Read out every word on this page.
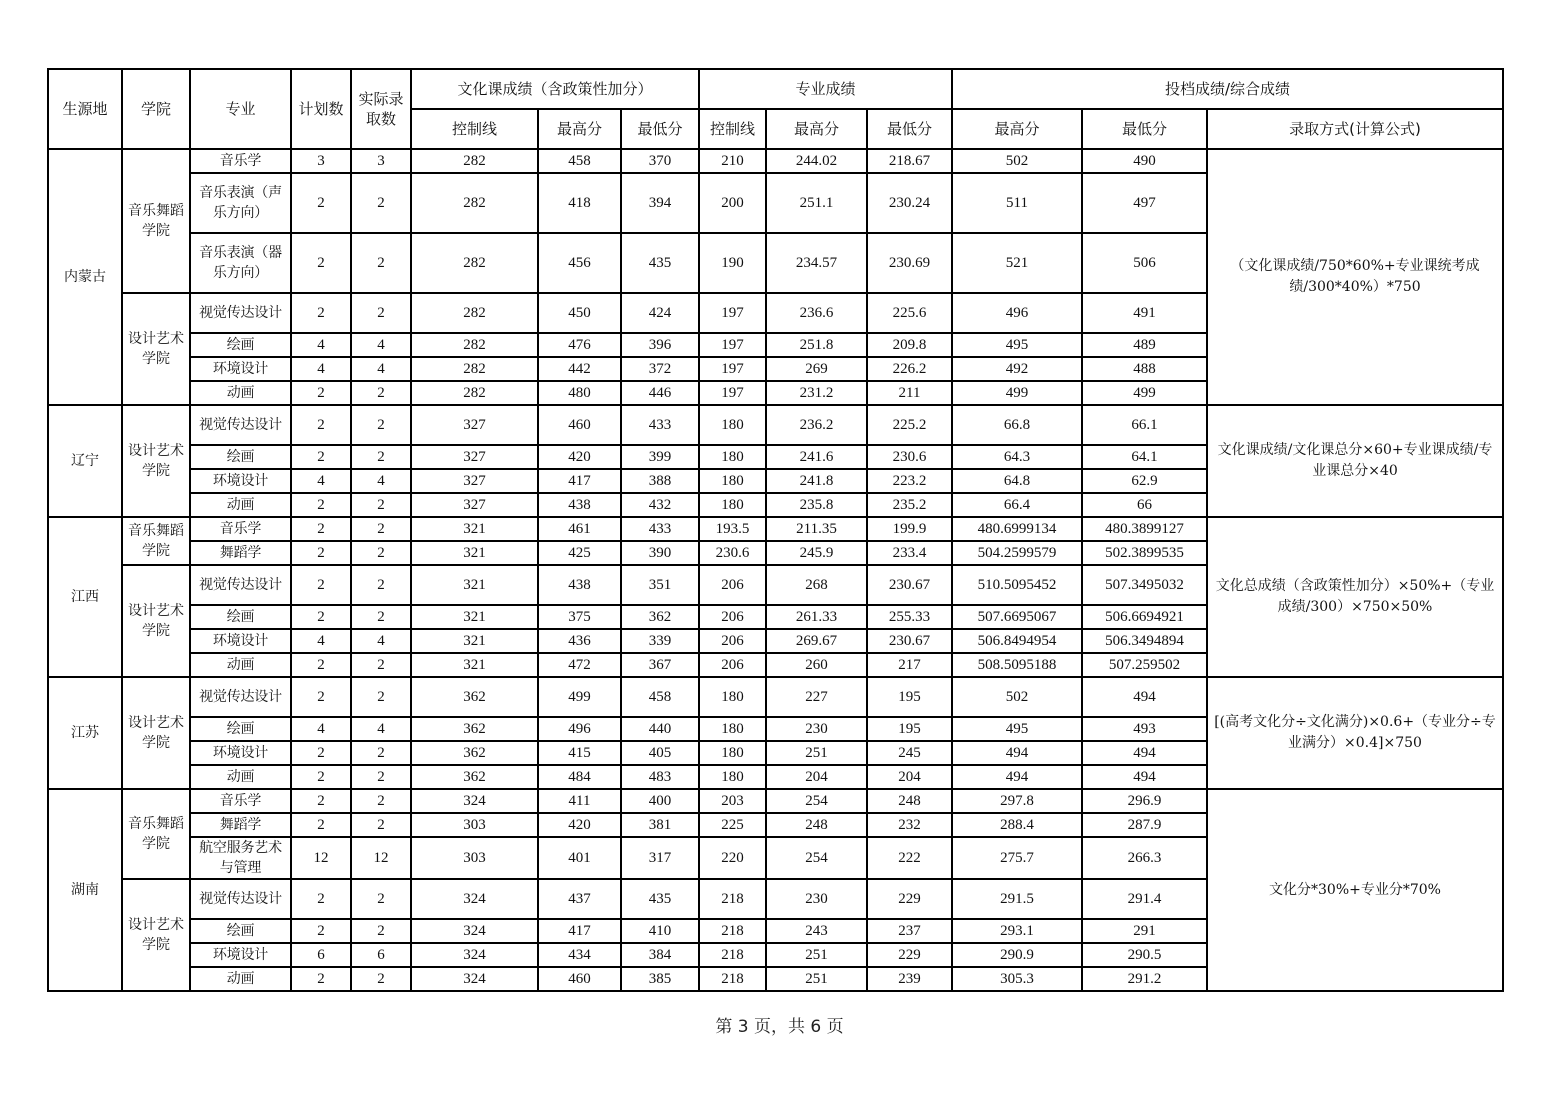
生源地	学院	专业	计划数	实际录取数	文化课成绩（含政策性加分）			专业成绩			投档成绩/综合成绩		
					控制线	最高分	最低分	控制线	最高分	最低分	最高分	最低分	录取方式(计算公式)
内蒙古	音乐舞蹈学院	音乐学	3	3	282	458	370	210	244.02	218.67	502	490	（文化课成绩/750*60%+专业课统考成绩/300*40%）*750
		音乐表演（声乐方向）	2	2	282	418	394	200	251.1	230.24	511	497	
		音乐表演（器乐方向）	2	2	282	456	435	190	234.57	230.69	521	506	
	设计艺术学院	视觉传达设计	2	2	282	450	424	197	236.6	225.6	496	491	
		绘画	4	4	282	476	396	197	251.8	209.8	495	489	
		环境设计	4	4	282	442	372	197	269	226.2	492	488	
		动画	2	2	282	480	446	197	231.2	211	499	499	
辽宁	设计艺术学院	视觉传达设计	2	2	327	460	433	180	236.2	225.2	66.8	66.1	文化课成绩/文化课总分×60+专业课成绩/专业课总分×40
		绘画	2	2	327	420	399	180	241.6	230.6	64.3	64.1	
		环境设计	4	4	327	417	388	180	241.8	223.2	64.8	62.9	
		动画	2	2	327	438	432	180	235.8	235.2	66.4	66	
江西	音乐舞蹈学院	音乐学	2	2	321	461	433	193.5	211.35	199.9	480.6999134	480.3899127	文化总成绩（含政策性加分）×50%+（专业成绩/300）×750×50%
		舞蹈学	2	2	321	425	390	230.6	245.9	233.4	504.2599579	502.3899535	
	设计艺术学院	视觉传达设计	2	2	321	438	351	206	268	230.67	510.5095452	507.3495032	
		绘画	2	2	321	375	362	206	261.33	255.33	507.6695067	506.6694921	
		环境设计	4	4	321	436	339	206	269.67	230.67	506.8494954	506.3494894	
		动画	2	2	321	472	367	206	260	217	508.5095188	507.259502	
江苏	设计艺术学院	视觉传达设计	2	2	362	499	458	180	227	195	502	494	[(高考文化分÷文化满分)×0.6+（专业分÷专业满分）×0.4]×750
		绘画	4	4	362	496	440	180	230	195	495	493	
		环境设计	2	2	362	415	405	180	251	245	494	494	
		动画	2	2	362	484	483	180	204	204	494	494	
湖南	音乐舞蹈学院	音乐学	2	2	324	411	400	203	254	248	297.8	296.9	文化分*30%+专业分*70%
		舞蹈学	2	2	303	420	381	225	248	232	288.4	287.9	
		航空服务艺术与管理	12	12	303	401	317	220	254	222	275.7	266.3	
	设计艺术学院	视觉传达设计	2	2	324	437	435	218	230	229	291.5	291.4	
		绘画	2	2	324	417	410	218	243	237	293.1	291	
		环境设计	6	6	324	434	384	218	251	229	290.9	290.5	
		动画	2	2	324	460	385	218	251	239	305.3	291.2	
第 3 页，共 6 页
